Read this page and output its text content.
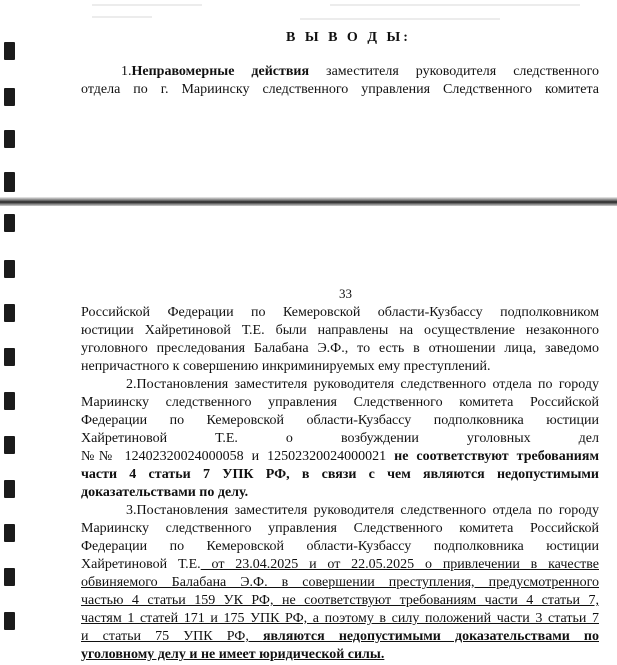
В Ы В О Д Ы:
1.Неправомерные действия заместителя руководителя следственного
отдела по г. Мариинску следственного управления Следственного комитета
33
Российской Федерации по Кемеровской области-Кузбассу подполковником
юстиции Хайретиновой Т.Е. были направлены на осуществление незаконного
уголовного преследования Балабана Э.Ф., то есть в отношении лица, заведомо
непричастного к совершению инкриминируемых ему преступлений.
2.Постановления заместителя руководителя следственного отдела по городу
Мариинску следственного управления Следственного комитета Российской
Федерации по Кемеровской области-Кузбассу подполковника юстиции
Хайретиновой Т.Е. о возбуждении уголовных дел
№№ 12402320024000058 и 12502320024000021 не соответствуют требованиям
части 4 статьи 7 УПК РФ, в связи с чем являются недопустимыми
доказательствами по делу.
3.Постановления заместителя руководителя следственного отдела по городу
Мариинску следственного управления Следственного комитета Российской
Федерации по Кемеровской области-Кузбассу подполковника юстиции
Хайретиновой Т.Е. от 23.04.2025 и от 22.05.2025 о привлечении в качестве
обвиняемого Балабана Э.Ф. в совершении преступления, предусмотренного
частью 4 статьи 159 УК РФ, не соответствуют требованиям части 4 статьи 7,
частям 1 статей 171 и 175 УПК РФ, а поэтому в силу положений части 3 статьи 7
и статьи 75 УПК РФ, являются недопустимыми доказательствами по
уголовному делу и не имеет юридической силы.
